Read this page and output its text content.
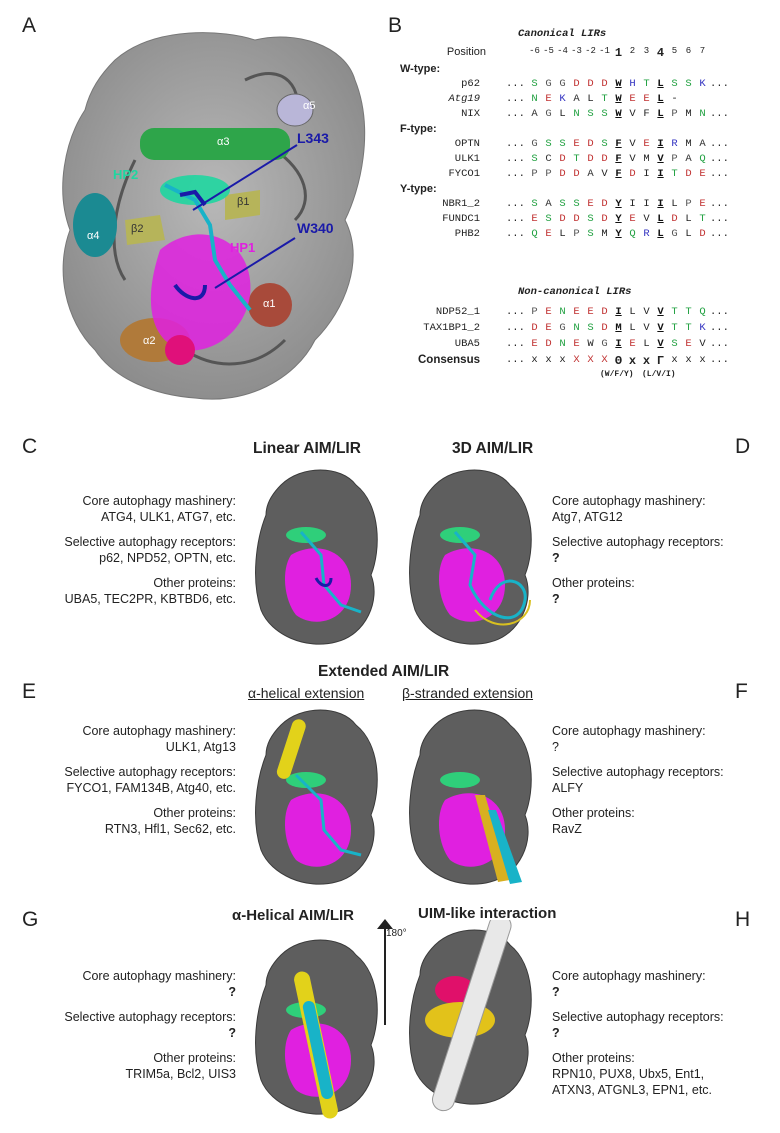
A	B
C	D
E	F
G	H
α5
α3
β1
β2
α4
α1
α2
HP2
HP1
L343
W340
Canonical LIRs
Non-canonical LIRs
Position	-6 -5 -4 -3 -2 -1 1 2 3 4 5 6 7
W-type:
p62 ... S G G D D D W H T L S S K ...
Atg19 ... N E K A L T W E E L -
NIX ... A G L N S S W V F L P M N ...
F-type:
OPTN ... G S S E D S F V E I R M A ...
ULK1 ... S C D T D D F V M V P A Q ...
FYCO1 ... P P D D A V F D I I T D E ...
Y-type:
NBR1_2 ... S A S S E D Y I I I L P E ...
FUNDC1 ... E S D D S D Y E V L D L T ...
PHB2 ... Q E L P S M Y Q R L G L D ...
NDP52_1 ... P E N E E D I L V V T T Q ...
TAX1BP1_2 ... D E G N S D M L V V T T K ...
UBA5 ... E D N E W G I E L V S E V ...
Consensus ... x x x X X X Θ x x Γ x x x ...
(W/F/Y) (L/V/I)
Linear AIM/LIR	3D AIM/LIR
Core autophagy mashinery:
ATG4, ULK1, ATG7, etc.
Selective autophagy receptors:
p62, NPD52, OPTN, etc.
Other proteins:
UBA5, TEC2PR, KBTBD6, etc.
Core autophagy mashinery:
Atg7, ATG12
Selective autophagy receptors:
?
Other proteins:
?
Extended AIM/LIR
α-helical extension	β-stranded extension
Core autophagy mashinery:
ULK1, Atg13
Selective autophagy receptors:
FYCO1, FAM134B, Atg40, etc.
Other proteins:
RTN3, Hfl1, Sec62, etc.
Core autophagy mashinery:
?
Selective autophagy receptors:
ALFY
Other proteins:
RavZ
α-Helical AIM/LIR	UIM-like interaction
Core autophagy mashinery:
?
Selective autophagy receptors:
?
Other proteins:
TRIM5a, Bcl2, UIS3
Core autophagy mashinery:
?
Selective autophagy receptors:
?
Other proteins:
RPN10, PUX8, Ubx5, Ent1,
ATXN3, ATGNL3, EPN1, etc.
180°
